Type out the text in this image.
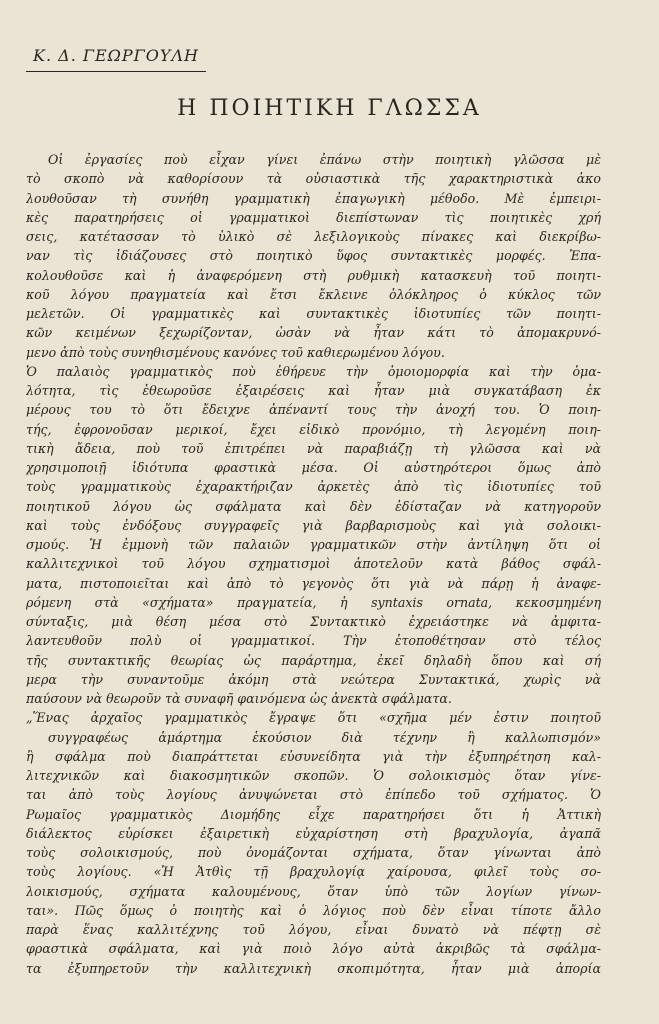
Κ. Δ. ΓΕΩΡΓΟΥΛΗ
Η ΠΟΙΗΤΙΚΗ ΓΛΩΣΣΑ
Οἱ ἐργασίες ποὺ εἶχαν γίνει ἐπάνω στὴν ποιητικὴ γλῶσσα μὲ
τὸ σκοπὸ νὰ καθορίσουν τὰ οὐσιαστικὰ τῆς χαρακτηριστικὰ ἀκο
λουθοῦσαν τὴ συνήθη γραμματικὴ ἐπαγωγικὴ μέθοδο. Μὲ ἐμπειρι-
κὲς παρατηρήσεις οἱ γραμματικοὶ διεπίστωναν τὶς ποιητικὲς χρή
σεις, κατέτασσαν τὸ ὑλικὸ σὲ λεξιλογικοὺς πίνακες καὶ διεκρίβω-
ναν τὶς ἰδιάζουσες στὸ ποιητικὸ ὕφος συντακτικὲς μορφές. Ἐπα-
κολουθοῦσε καὶ ἡ ἀναφερόμενη στὴ ρυθμικὴ κατασκευὴ τοῦ ποιητι-
κοῦ λόγου πραγματεία καὶ ἔτσι ἔκλεινε ὁλόκληρος ὁ κύκλος τῶν
μελετῶν. Οἱ γραμματικὲς καὶ συντακτικὲς ἰδιοτυπίες τῶν ποιητι-
κῶν κειμένων ξεχωρίζονταν, ὡσὰν νὰ ἦταν κάτι τὸ ἀπομακρυνό-
μενο ἀπὸ τοὺς συνηθισμένους κανόνες τοῦ καθιερωμένου λόγου.
Ὁ παλαιὸς γραμματικὸς ποὺ ἐθήρευε τὴν ὁμοιομορφία καὶ τὴν ὁμα-
λότητα, τὶς ἐθεωροῦσε ἐξαιρέσεις καὶ ἦταν μιὰ συγκατάβαση ἐκ
μέρους του τὸ ὅτι ἔδειχνε ἀπέναντί τους τὴν ἀνοχή του. Ὁ ποιη-
τής, ἐφρονοῦσαν μερικοί, ἔχει εἰδικὸ προνόμιο, τὴ λεγομένη ποιη-
τικὴ ἄδεια, ποὺ τοῦ ἐπιτρέπει νὰ παραβιάζῃ τὴ γλῶσσα καὶ νὰ
χρησιμοποιῇ ἰδιότυπα φραστικὰ μέσα. Οἱ αὐστηρότεροι ὅμως ἀπὸ
τοὺς γραμματικοὺς ἐχαρακτήριζαν ἀρκετὲς ἀπὸ τὶς ἰδιοτυπίες τοῦ
ποιητικοῦ λόγου ὡς σφάλματα καὶ δὲν ἐδίσταζαν νὰ κατηγοροῦν
καὶ τοὺς ἐνδόξους συγγραφεῖς γιὰ βαρβαρισμοὺς καὶ γιὰ σολοικι-
σμούς. Ἡ ἐμμονὴ τῶν παλαιῶν γραμματικῶν στὴν ἀντίληψη ὅτι οἱ
καλλιτεχνικοὶ τοῦ λόγου σχηματισμοὶ ἀποτελοῦν κατὰ βάθος σφάλ-
ματα, πιστοποιεῖται καὶ ἀπὸ τὸ γεγονὸς ὅτι γιὰ νὰ πάρῃ ἡ ἀναφε-
ρόμενη στὰ «σχήματα» πραγματεία, ἡ syntaxis ornata, κεκοσμημένη
σύνταξις, μιὰ θέση μέσα στὸ Συντακτικὸ ἐχρειάστηκε νὰ ἀμφιτα-
λαντευθοῦν πολὺ οἱ γραμματικοί. Τὴν ἐτοποθέτησαν στὸ τέλος
τῆς συντακτικῆς θεωρίας ὡς παράρτημα, ἐκεῖ δηλαδὴ ὅπου καὶ σή
μερα τὴν συναντοῦμε ἀκόμη στὰ νεώτερα Συντακτικά, χωρὶς νὰ
παύσουν νὰ θεωροῦν τὰ συναφῆ φαινόμενα ὡς ἀνεκτὰ σφάλματα.
„Ἕνας ἀρχαῖος γραμματικὸς ἔγραψε ὅτι «σχῆμα μέν ἐστιν ποιητοῦ
συγγραφέως ἁμάρτημα ἑκούσιον διὰ τέχνην ἢ καλλωπισμόν»
ἢ σφάλμα ποὺ διαπράττεται εὐσυνείδητα γιὰ τὴν ἐξυπηρέτηση καλ-
λιτεχνικῶν καὶ διακοσμητικῶν σκοπῶν. Ὁ σολοικισμὸς ὅταν γίνε-
ται ἀπὸ τοὺς λογίους ἀνυψώνεται στὸ ἐπίπεδο τοῦ σχήματος. Ὁ
Ρωμαῖος γραμματικὸς Διομήδης εἶχε παρατηρήσει ὅτι ἡ Ἀττικὴ
διάλεκτος εὑρίσκει ἐξαιρετικὴ εὐχαρίστηση στὴ βραχυλογία, ἀγαπᾶ
τοὺς σολοικισμούς, ποὺ ὀνομάζονται σχήματα, ὅταν γίνωνται ἀπὸ
τοὺς λογίους. «Ἡ Ἀτθὶς τῇ βραχυλογίᾳ χαίρουσα, φιλεῖ τοὺς σο-
λοικισμούς, σχήματα καλουμένους, ὅταν ὑπὸ τῶν λογίων γίνων-
ται». Πῶς ὅμως ὁ ποιητὴς καὶ ὁ λόγιος ποὺ δὲν εἶναι τίποτε ἄλλο
παρὰ ἕνας καλλιτέχνης τοῦ λόγου, εἶναι δυνατὸ νὰ πέφτῃ σὲ
φραστικὰ σφάλματα, καὶ γιὰ ποιὸ λόγο αὐτὰ ἀκριβῶς τὰ σφάλμα-
τα ἐξυπηρετοῦν τὴν καλλιτεχνικὴ σκοπιμότητα, ἦταν μιὰ ἀπορία
